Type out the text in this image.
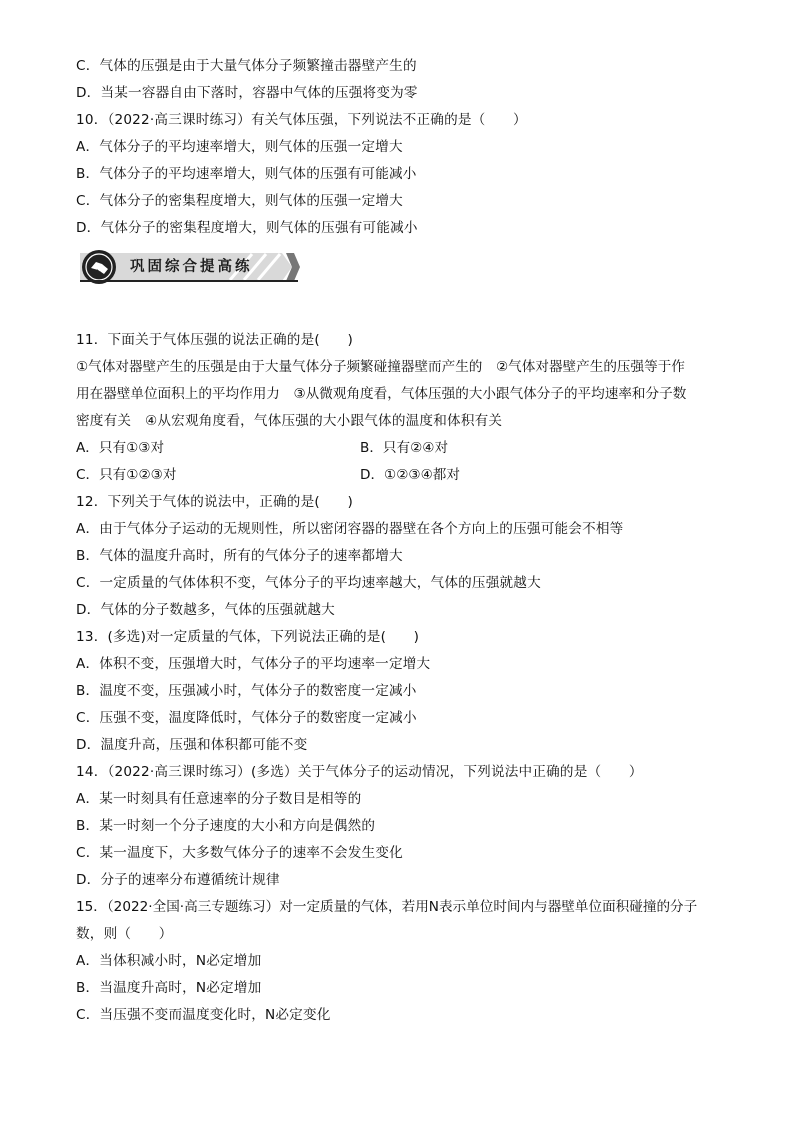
C．气体的压强是由于大量气体分子频繁撞击器壁产生的
D．当某一容器自由下落时，容器中气体的压强将变为零
10．（2022·高三课时练习）有关气体压强，下列说法不正确的是（　　）
A．气体分子的平均速率增大，则气体的压强一定增大
B．气体分子的平均速率增大，则气体的压强有可能减小
C．气体分子的密集程度增大，则气体的压强一定增大
D．气体分子的密集程度增大，则气体的压强有可能减小
巩固综合提高练
11．下面关于气体压强的说法正确的是(　　)
①气体对器壁产生的压强是由于大量气体分子频繁碰撞器壁而产生的　②气体对器壁产生的压强等于作
用在器壁单位面积上的平均作用力　③从微观角度看，气体压强的大小跟气体分子的平均速率和分子数
密度有关　④从宏观角度看，气体压强的大小跟气体的温度和体积有关
A．只有①③对	B．只有②④对
C．只有①②③对	D．①②③④都对
12．下列关于气体的说法中，正确的是(　　)
A．由于气体分子运动的无规则性，所以密闭容器的器壁在各个方向上的压强可能会不相等
B．气体的温度升高时，所有的气体分子的速率都增大
C．一定质量的气体体积不变，气体分子的平均速率越大，气体的压强就越大
D．气体的分子数越多，气体的压强就越大
13．(多选)对一定质量的气体，下列说法正确的是(　　)
A．体积不变，压强增大时，气体分子的平均速率一定增大
B．温度不变，压强减小时，气体分子的数密度一定减小
C．压强不变，温度降低时，气体分子的数密度一定减小
D．温度升高，压强和体积都可能不变
14．（2022·高三课时练习）(多选）关于气体分子的运动情况，下列说法中正确的是（　　）
A．某一时刻具有任意速率的分子数目是相等的
B．某一时刻一个分子速度的大小和方向是偶然的
C．某一温度下，大多数气体分子的速率不会发生变化
D．分子的速率分布遵循统计规律
15．（2022·全国·高三专题练习）对一定质量的气体，若用N表示单位时间内与器壁单位面积碰撞的分子
数，则（　　）
A．当体积减小时，N必定增加
B．当温度升高时，N必定增加
C．当压强不变而温度变化时，N必定变化
